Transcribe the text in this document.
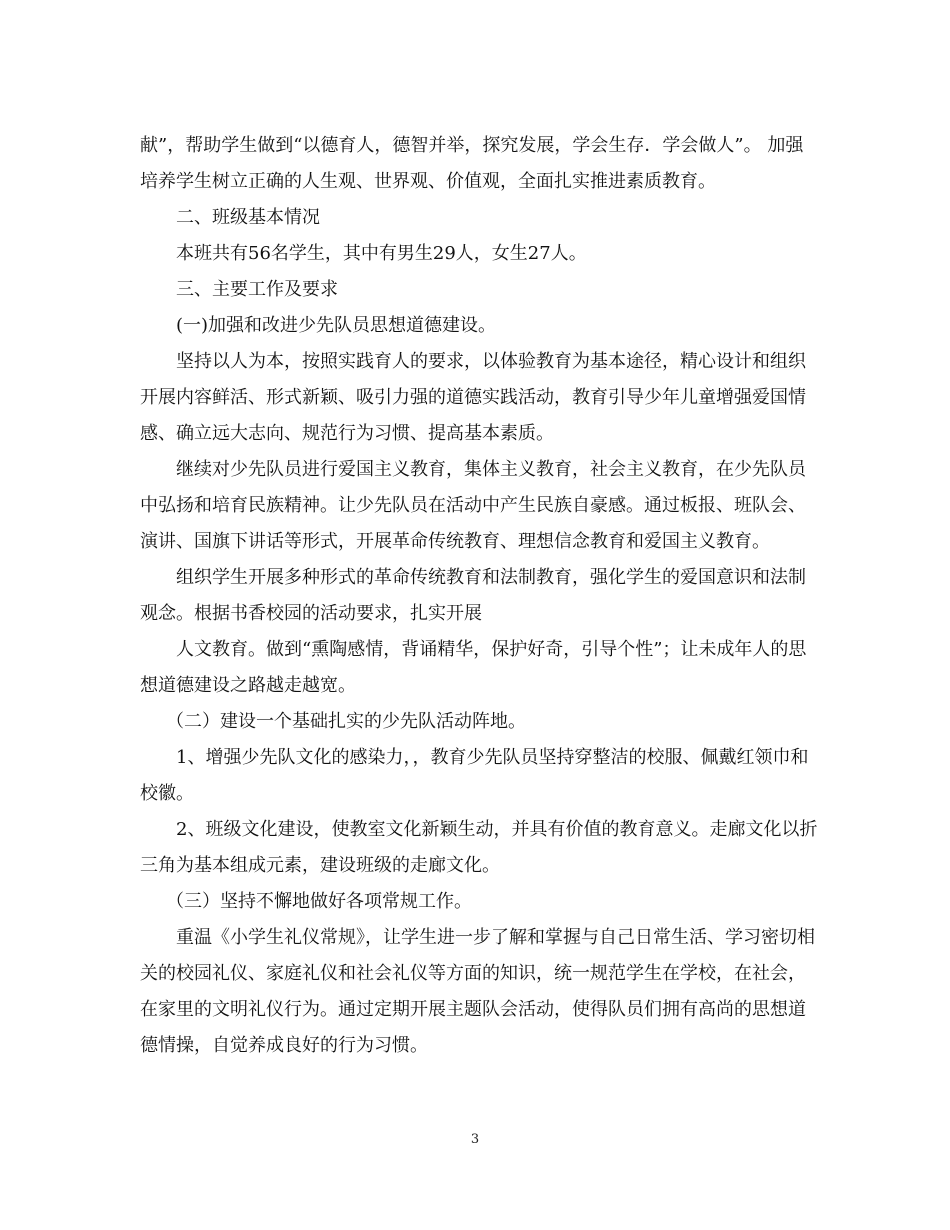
献”，帮助学生做到“以德育人，德智并举，探究发展，学会生存．学会做人”。 加强培养学生树立正确的人生观、世界观、价值观，全面扎实推进素质教育。

二、班级基本情况

本班共有56名学生，其中有男生29人，女生27人。

三、主要工作及要求

(一)加强和改进少先队员思想道德建设。

坚持以人为本，按照实践育人的要求，以体验教育为基本途径，精心设计和组织开展内容鲜活、形式新颖、吸引力强的道德实践活动，教育引导少年儿童增强爱国情感、确立远大志向、规范行为习惯、提高基本素质。

继续对少先队员进行爱国主义教育，集体主义教育，社会主义教育，在少先队员中弘扬和培育民族精神。让少先队员在活动中产生民族自豪感。通过板报、班队会、演讲、国旗下讲话等形式，开展革命传统教育、理想信念教育和爱国主义教育。

组织学生开展多种形式的革命传统教育和法制教育，强化学生的爱国意识和法制观念。根据书香校园的活动要求，扎实开展

人文教育。做到“熏陶感情，背诵精华，保护好奇，引导个性”；让未成年人的思想道德建设之路越走越宽。

（二）建设一个基础扎实的少先队活动阵地。

1、增强少先队文化的感染力，，教育少先队员坚持穿整洁的校服、佩戴红领巾和校徽。

2、班级文化建设，使教室文化新颖生动，并具有价值的教育意义。走廊文化以折三角为基本组成元素，建设班级的走廊文化。

（三）坚持不懈地做好各项常规工作。

重温《小学生礼仪常规》，让学生进一步了解和掌握与自己日常生活、学习密切相关的校园礼仪、家庭礼仪和社会礼仪等方面的知识，统一规范学生在学校，在社会，在家里的文明礼仪行为。通过定期开展主题队会活动，使得队员们拥有高尚的思想道德情操，自觉养成良好的行为习惯。

3
